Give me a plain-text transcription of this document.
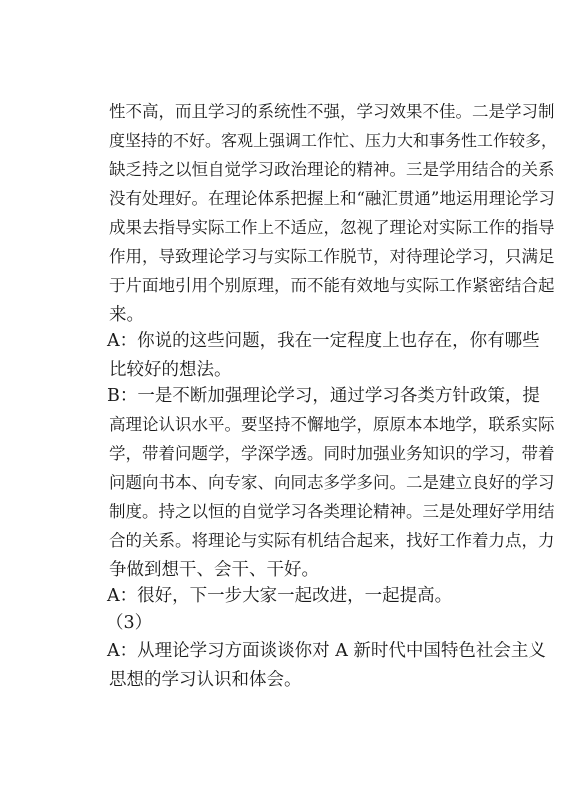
性不高，而且学习的系统性不强，学习效果不佳。二是学习制
度坚持的不好。客观上强调工作忙、压力大和事务性工作较多，
缺乏持之以恒自觉学习政治理论的精神。三是学用结合的关系
没有处理好。在理论体系把握上和“融汇贯通”地运用理论学习
成果去指导实际工作上不适应，忽视了理论对实际工作的指导
作用，导致理论学习与实际工作脱节，对待理论学习，只满足
于片面地引用个别原理，而不能有效地与实际工作紧密结合起
来。
A：你说的这些问题，我在一定程度上也存在，你有哪些
比较好的想法。
B：一是不断加强理论学习，通过学习各类方针政策，提
高理论认识水平。要坚持不懈地学，原原本本地学，联系实际
学，带着问题学，学深学透。同时加强业务知识的学习，带着
问题向书本、向专家、向同志多学多问。二是建立良好的学习
制度。持之以恒的自觉学习各类理论精神。三是处理好学用结
合的关系。将理论与实际有机结合起来，找好工作着力点，力
争做到想干、会干、干好。
A：很好，下一步大家一起改进，一起提高。
（3）
A：从理论学习方面谈谈你对 A 新时代中国特色社会主义
思想的学习认识和体会。
